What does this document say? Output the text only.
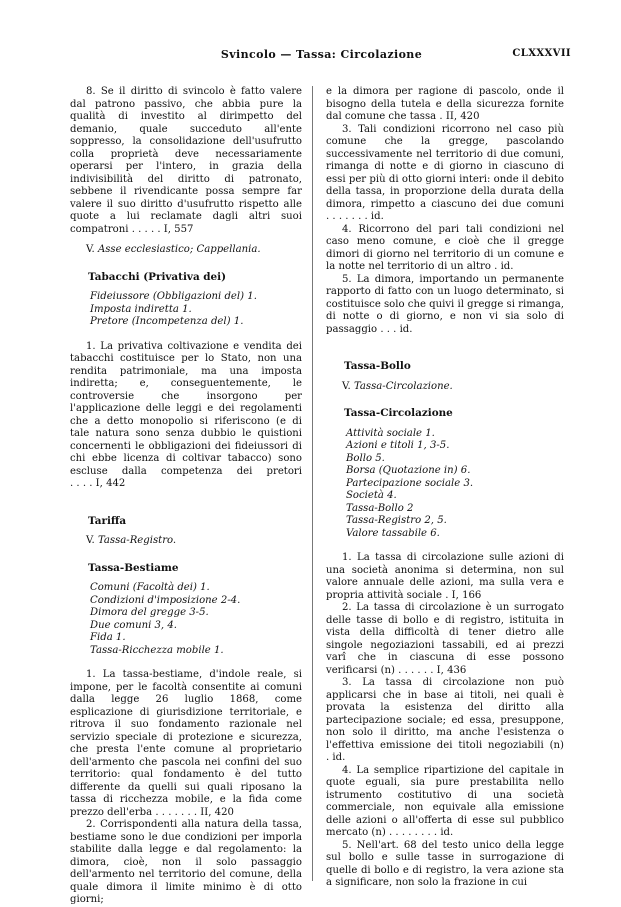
Svincolo — Tassa: Circolazione	CLXXXVII

8. Se il diritto di svincolo è fatto valere dal patrono passivo, che abbia pure la qualità di investito al dirimpetto del demanio, quale succeduto all'ente soppresso, la consolidazione dell'usufrutto colla proprietà deve necessariamente operarsi per l'intero, in grazia della indivisibilità del diritto di patronato, sebbene il rivendicante possa sempre far valere il suo diritto d'usufrutto rispetto alle quote a lui reclamate dagli altri suoi compatroni . . . . . I, 557

V. Asse ecclesiastico; Cappellania.
Tabacchi (Privativa dei)
Fideiussore (Obbligazioni del) 1.
Imposta indiretta 1.
Pretore (Incompetenza del) 1.

1. La privativa coltivazione e vendita dei tabacchi costituisce per lo Stato, non una rendita patrimoniale, ma una imposta indiretta; e, conseguentemente, le controversie che insorgono per l'applicazione delle leggi e dei regolamenti che a detto monopolio si riferiscono (e di tale natura sono senza dubbio le quistioni concernenti le obbligazioni dei fideiussori di chi ebbe licenza di coltivar tabacco) sono escluse dalla competenza dei pretori . . . . I, 442

Tariffa
V. Tassa-Registro.
Tassa-Bestiame
Comuni (Facoltà dei) 1.
Condizioni d'imposizione 2-4.
Dimora del gregge 3-5.
Due comuni 3, 4.
Fida 1.
Tassa-Ricchezza mobile 1.

1. La tassa-bestiame, d'indole reale, si impone, per le facoltà consentite ai comuni dalla legge 26 luglio 1868, come esplicazione di giurisdizione territoriale, e ritrova il suo fondamento razionale nel servizio speciale di protezione e sicurezza, che presta l'ente comune al proprietario dell'armento che pascola nei confini del suo territorio: qual fondamento è del tutto differente da quelli sui quali riposano la tassa di ricchezza mobile, e la fida come prezzo dell'erba . . . . . . . II, 420

2. Corrispondenti alla natura della tassa, bestiame sono le due condizioni per imporla stabilite dalla legge e dal regolamento: la dimora, cioè, non il solo passaggio dell'armento nel territorio del comune, della quale dimora il limite minimo è di otto giorni;

e la dimora per ragione di pascolo, onde il bisogno della tutela e della sicurezza fornite dal comune che tassa . II, 420

3. Tali condizioni ricorrono nel caso più comune che la gregge, pascolando successivamente nel territorio di due comuni, rimanga di notte e di giorno in ciascuno di essi per più di otto giorni interi: onde il debito della tassa, in proporzione della durata della dimora, rimpetto a ciascuno dei due comuni . . . . . . . id.

4. Ricorrono del pari tali condizioni nel caso meno comune, e cioè che il gregge dimori di giorno nel territorio di un comune e la notte nel territorio di un altro . id.

5. La dimora, importando un permanente rapporto di fatto con un luogo determinato, si costituisce solo che quivi il gregge si rimanga, di notte o di giorno, e non vi sia solo di passaggio . . . id.

Tassa-Bollo
V. Tassa-Circolazione.
Tassa-Circolazione
Attività sociale 1.
Azioni e titoli 1, 3-5.
Bollo 5.
Borsa (Quotazione in) 6.
Partecipazione sociale 3.
Società 4.
Tassa-Bollo 2
Tassa-Registro 2, 5.
Valore tassabile 6.

1. La tassa di circolazione sulle azioni di una società anonima si determina, non sul valore annuale delle azioni, ma sulla vera e propria attività sociale . I, 166

2. La tassa di circolazione è un surrogato delle tasse di bollo e di registro, istituita in vista della difficoltà di tener dietro alle singole negoziazioni tassabili, ed ai prezzi varî che in ciascuna di esse possono verificarsi (n) . . . . . . I, 436

3. La tassa di circolazione non può applicarsi che in base ai titoli, nei quali è provata la esistenza del diritto alla partecipazione sociale; ed essa, presuppone, non solo il diritto, ma anche l'esistenza o l'effettiva emissione dei titoli negoziabili (n) . id.

4. La semplice ripartizione del capitale in quote eguali, sia pure prestabilita nello istrumento costitutivo di una società commerciale, non equivale alla emissione delle azioni o all'offerta di esse sul pubblico mercato (n) . . . . . . . . id.

5. Nell'art. 68 del testo unico della legge sul bollo e sulle tasse in surrogazione di quelle di bollo e di registro, la vera azione sta a significare, non solo la frazione in cui
